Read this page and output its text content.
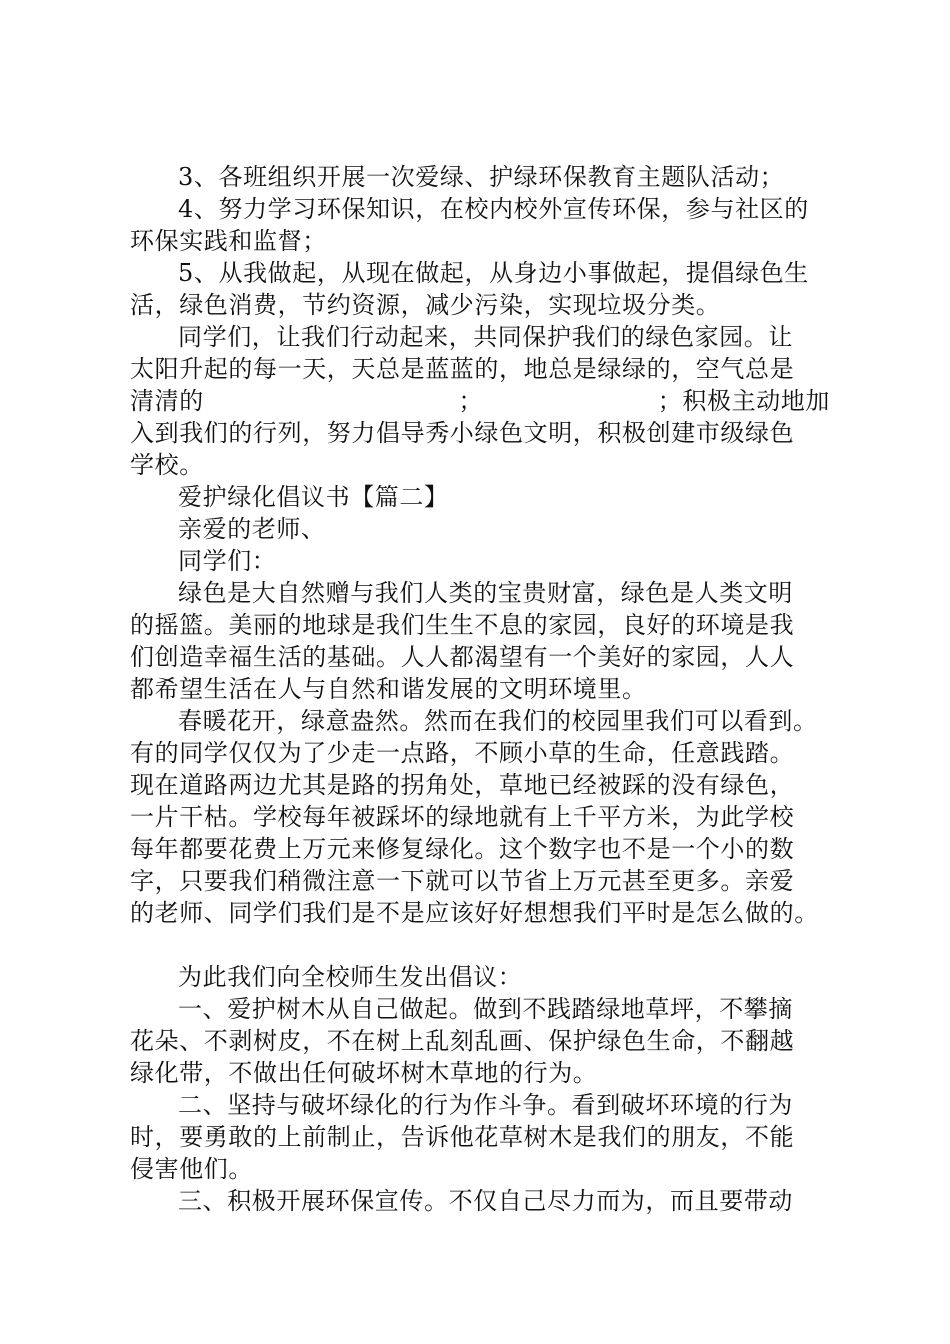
3、各班组织开展一次爱绿、护绿环保教育主题队活动；
4、努力学习环保知识，在校内校外宣传环保，参与社区的
环保实践和监督；
5、从我做起，从现在做起，从身边小事做起，提倡绿色生
活，绿色消费，节约资源，减少污染，实现垃圾分类。
同学们，让我们行动起来，共同保护我们的绿色家园。让
太阳升起的每一天，天总是蓝蓝的，地总是绿绿的，空气总是
清清的	；	；积极主动地加
入到我们的行列，努力倡导秀小绿色文明，积极创建市级绿色
学校。
爱护绿化倡议书【篇二】
亲爱的老师、
同学们：
绿色是大自然赠与我们人类的宝贵财富，绿色是人类文明
的摇篮。美丽的地球是我们生生不息的家园，良好的环境是我
们创造幸福生活的基础。人人都渴望有一个美好的家园，人人
都希望生活在人与自然和谐发展的文明环境里。
春暖花开，绿意盎然。然而在我们的校园里我们可以看到。
有的同学仅仅为了少走一点路，不顾小草的生命，任意践踏。
现在道路两边尤其是路的拐角处，草地已经被踩的没有绿色，
一片干枯。学校每年被踩坏的绿地就有上千平方米，为此学校
每年都要花费上万元来修复绿化。这个数字也不是一个小的数
字，只要我们稍微注意一下就可以节省上万元甚至更多。亲爱
的老师、同学们我们是不是应该好好想想我们平时是怎么做的。
为此我们向全校师生发出倡议：
一、爱护树木从自己做起。做到不践踏绿地草坪，不攀摘
花朵、不剥树皮，不在树上乱刻乱画、保护绿色生命，不翻越
绿化带，不做出任何破坏树木草地的行为。
二、坚持与破坏绿化的行为作斗争。看到破坏环境的行为
时，要勇敢的上前制止，告诉他花草树木是我们的朋友，不能
侵害他们。
三、积极开展环保宣传。不仅自己尽力而为，而且要带动
